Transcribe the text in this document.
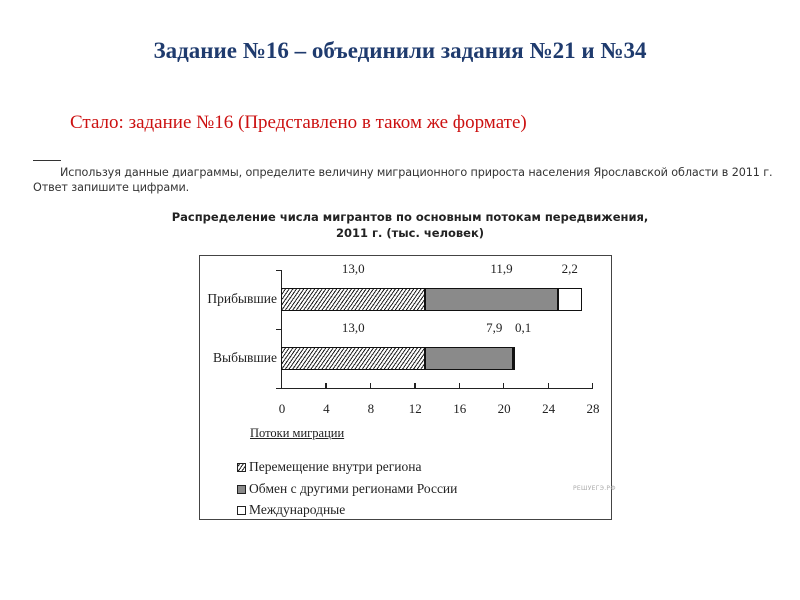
Задание №16 – объединили задания №21 и №34
Стало: задание №16 (Представлено в таком же формате)
Используя данные диаграммы, определите величину миграционного прироста населения Ярославской области в 2011 г.
Ответ запишите цифрами.
Распределение числа мигрантов по основным потокам передвижения,
2011 г. (тыс. человек)
0	4	8	12 16 20 24 28
Прибывшие
13,0	11,9	2,2
Выбывшие
13,0	7,9 0,1
Потоки миграции
Перемещение внутри региона
Обмен с другими регионами России
Международные
РЕШУЕГЭ.РФ
